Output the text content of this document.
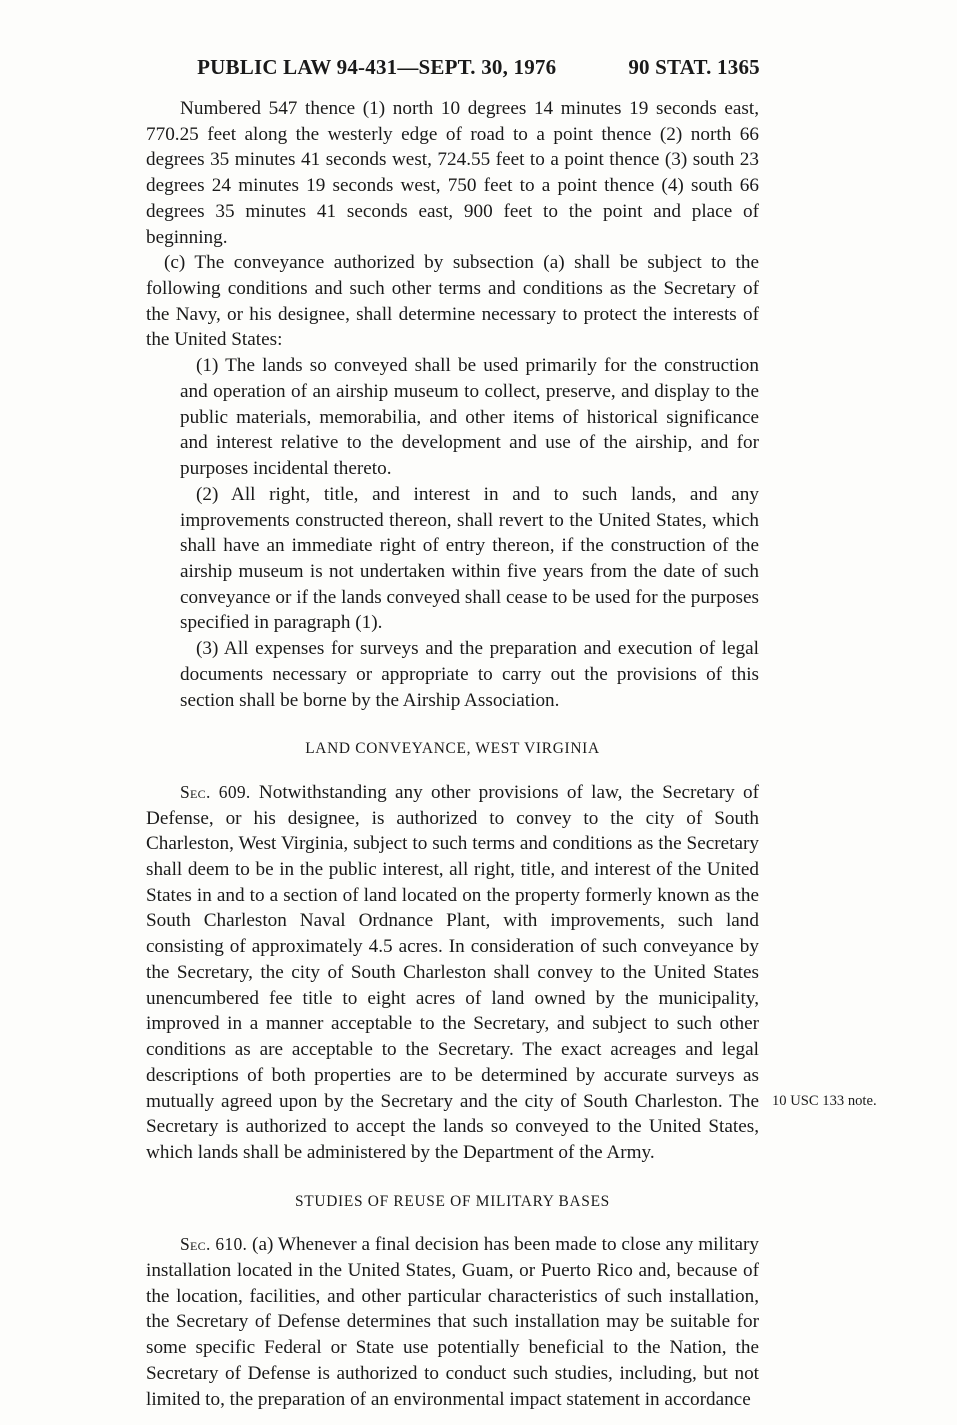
PUBLIC LAW 94-431—SEPT. 30, 1976	90 STAT. 1365

Numbered 547 thence (1) north 10 degrees 14 minutes 19 seconds east, 770.25 feet along the westerly edge of road to a point thence (2) north 66 degrees 35 minutes 41 seconds west, 724.55 feet to a point thence (3) south 23 degrees 24 minutes 19 seconds west, 750 feet to a point thence (4) south 66 degrees 35 minutes 41 seconds east, 900 feet to the point and place of beginning.

(c) The conveyance authorized by subsection (a) shall be subject to the following conditions and such other terms and conditions as the Secretary of the Navy, or his designee, shall determine necessary to protect the interests of the United States:

(1) The lands so conveyed shall be used primarily for the construction and operation of an airship museum to collect, preserve, and display to the public materials, memorabilia, and other items of historical significance and interest relative to the development and use of the airship, and for purposes incidental thereto.

(2) All right, title, and interest in and to such lands, and any improvements constructed thereon, shall revert to the United States, which shall have an immediate right of entry thereon, if the construction of the airship museum is not undertaken within five years from the date of such conveyance or if the lands conveyed shall cease to be used for the purposes specified in paragraph (1).

(3) All expenses for surveys and the preparation and execution of legal documents necessary or appropriate to carry out the provisions of this section shall be borne by the Airship Association.

LAND CONVEYANCE, WEST VIRGINIA

Sec. 609. Notwithstanding any other provisions of law, the Secretary of Defense, or his designee, is authorized to convey to the city of South Charleston, West Virginia, subject to such terms and conditions as the Secretary shall deem to be in the public interest, all right, title, and interest of the United States in and to a section of land located on the property formerly known as the South Charleston Naval Ordnance Plant, with improvements, such land consisting of approximately 4.5 acres. In consideration of such conveyance by the Secretary, the city of South Charleston shall convey to the United States unencumbered fee title to eight acres of land owned by the municipality, improved in a manner acceptable to the Secretary, and subject to such other conditions as are acceptable to the Secretary. The exact acreages and legal descriptions of both properties are to be determined by accurate surveys as mutually agreed upon by the Secretary and the city of South Charleston. The Secretary is authorized to accept the lands so conveyed to the United States, which lands shall be administered by the Department of the Army.

STUDIES OF REUSE OF MILITARY BASES

Sec. 610. (a) Whenever a final decision has been made to close any military installation located in the United States, Guam, or Puerto Rico and, because of the location, facilities, and other particular characteristics of such installation, the Secretary of Defense determines that such installation may be suitable for some specific Federal or State use potentially beneficial to the Nation, the Secretary of Defense is authorized to conduct such studies, including, but not limited to, the preparation of an environmental impact statement in accordance

10 USC 133 note.
